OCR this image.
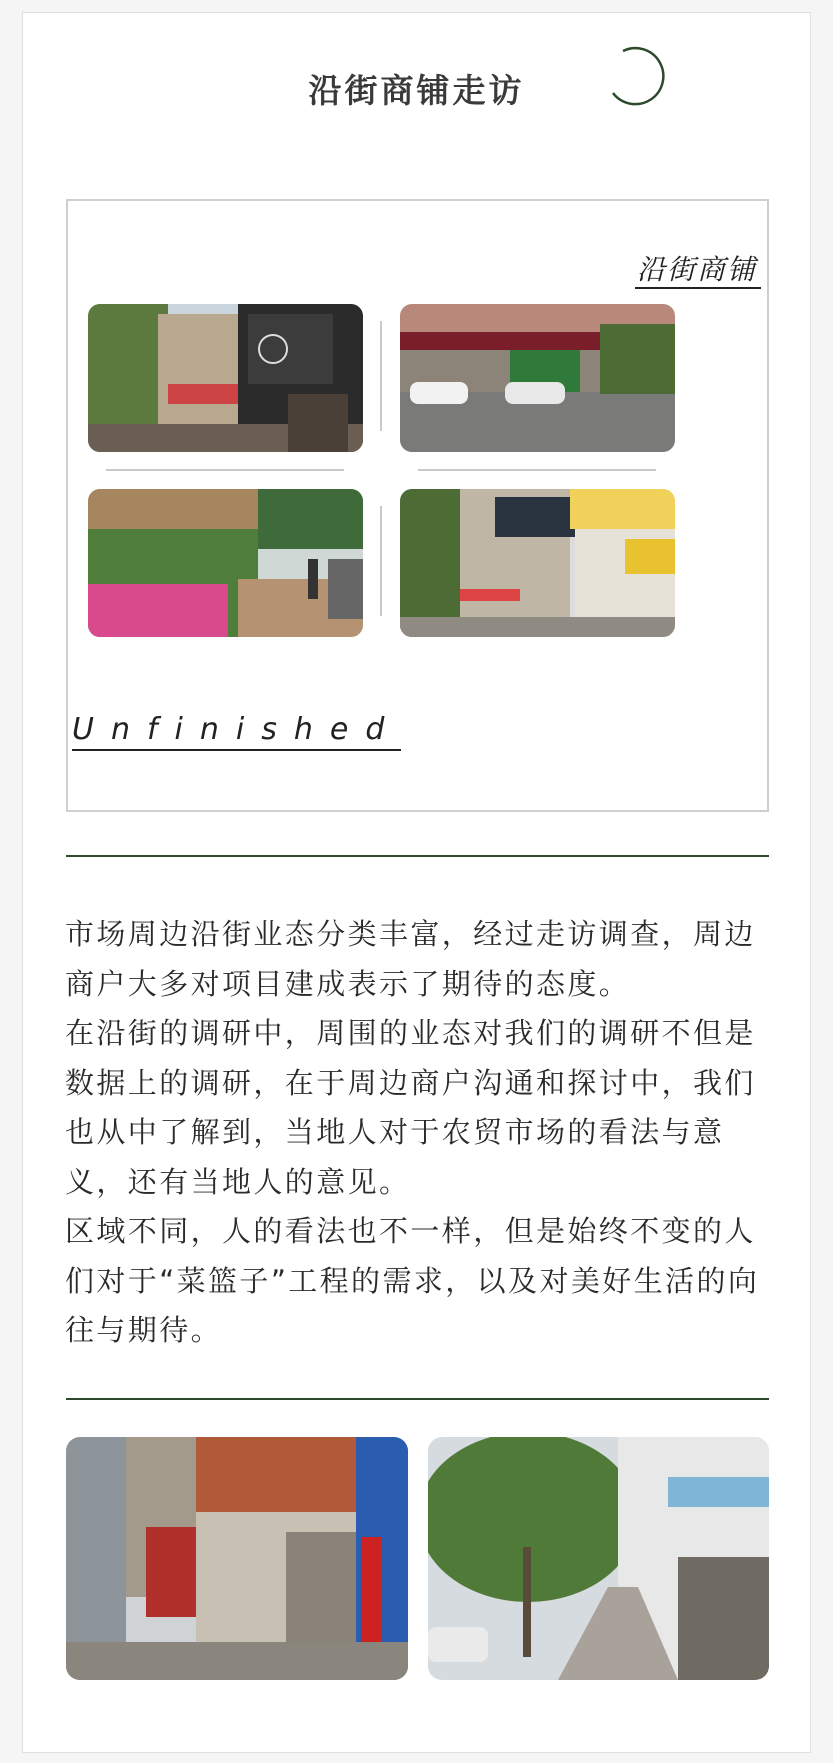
沿街商铺走访
沿街商铺
Unfinished

市场周边沿街业态分类丰富，经过走访调查，周边商户大多对项目建成表示了期待的态度。

在沿街的调研中，周围的业态对我们的调研不但是数据上的调研，在于周边商户沟通和探讨中，我们也从中了解到，当地人对于农贸市场的看法与意义，还有当地人的意见。

区域不同，人的看法也不一样，但是始终不变的人们对于“菜篮子”工程的需求，以及对美好生活的向往与期待。
